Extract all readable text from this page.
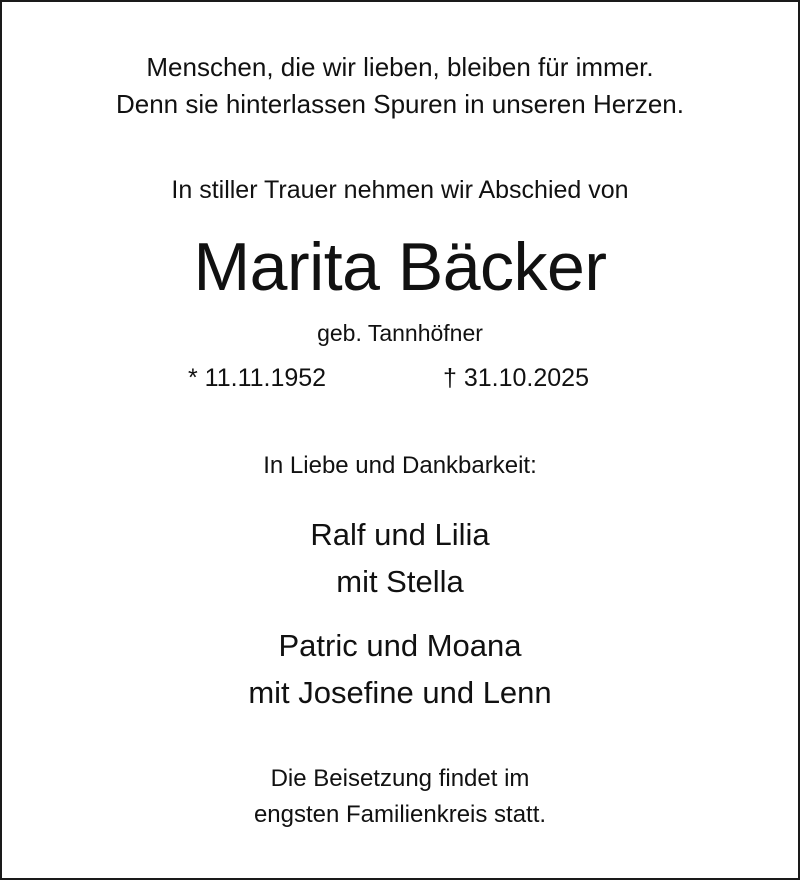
Menschen, die wir lieben, bleiben für immer.
Denn sie hinterlassen Spuren in unseren Herzen.
In stiller Trauer nehmen wir Abschied von
Marita Bäcker
geb. Tannhöfner
* 11.11.1952	† 31.10.2025
In Liebe und Dankbarkeit:
Ralf und Lilia
mit Stella
Patric und Moana
mit Josefine und Lenn
Die Beisetzung findet im
engsten Familienkreis statt.
